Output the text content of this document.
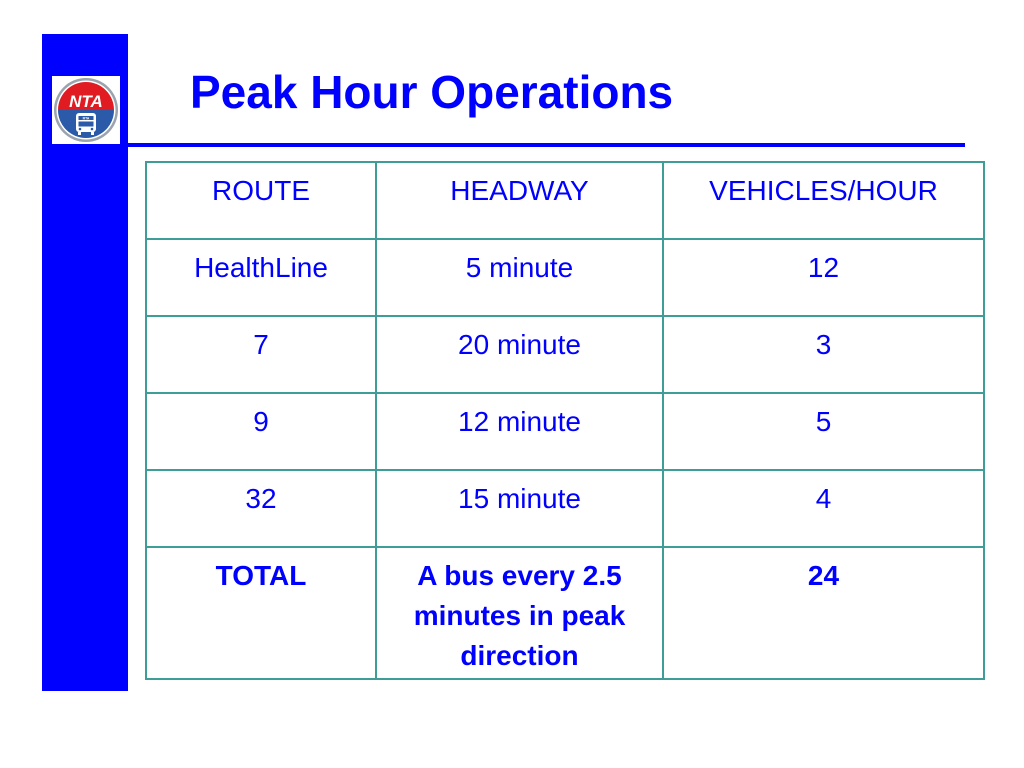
NTA
RTA
Peak Hour Operations
ROUTE	HEADWAY	VEHICLES/HOUR
HealthLine	5 minute	12
7	20 minute	3
9	12 minute	5
32	15 minute	4
TOTAL	A bus every 2.5 minutes in peak direction	24
